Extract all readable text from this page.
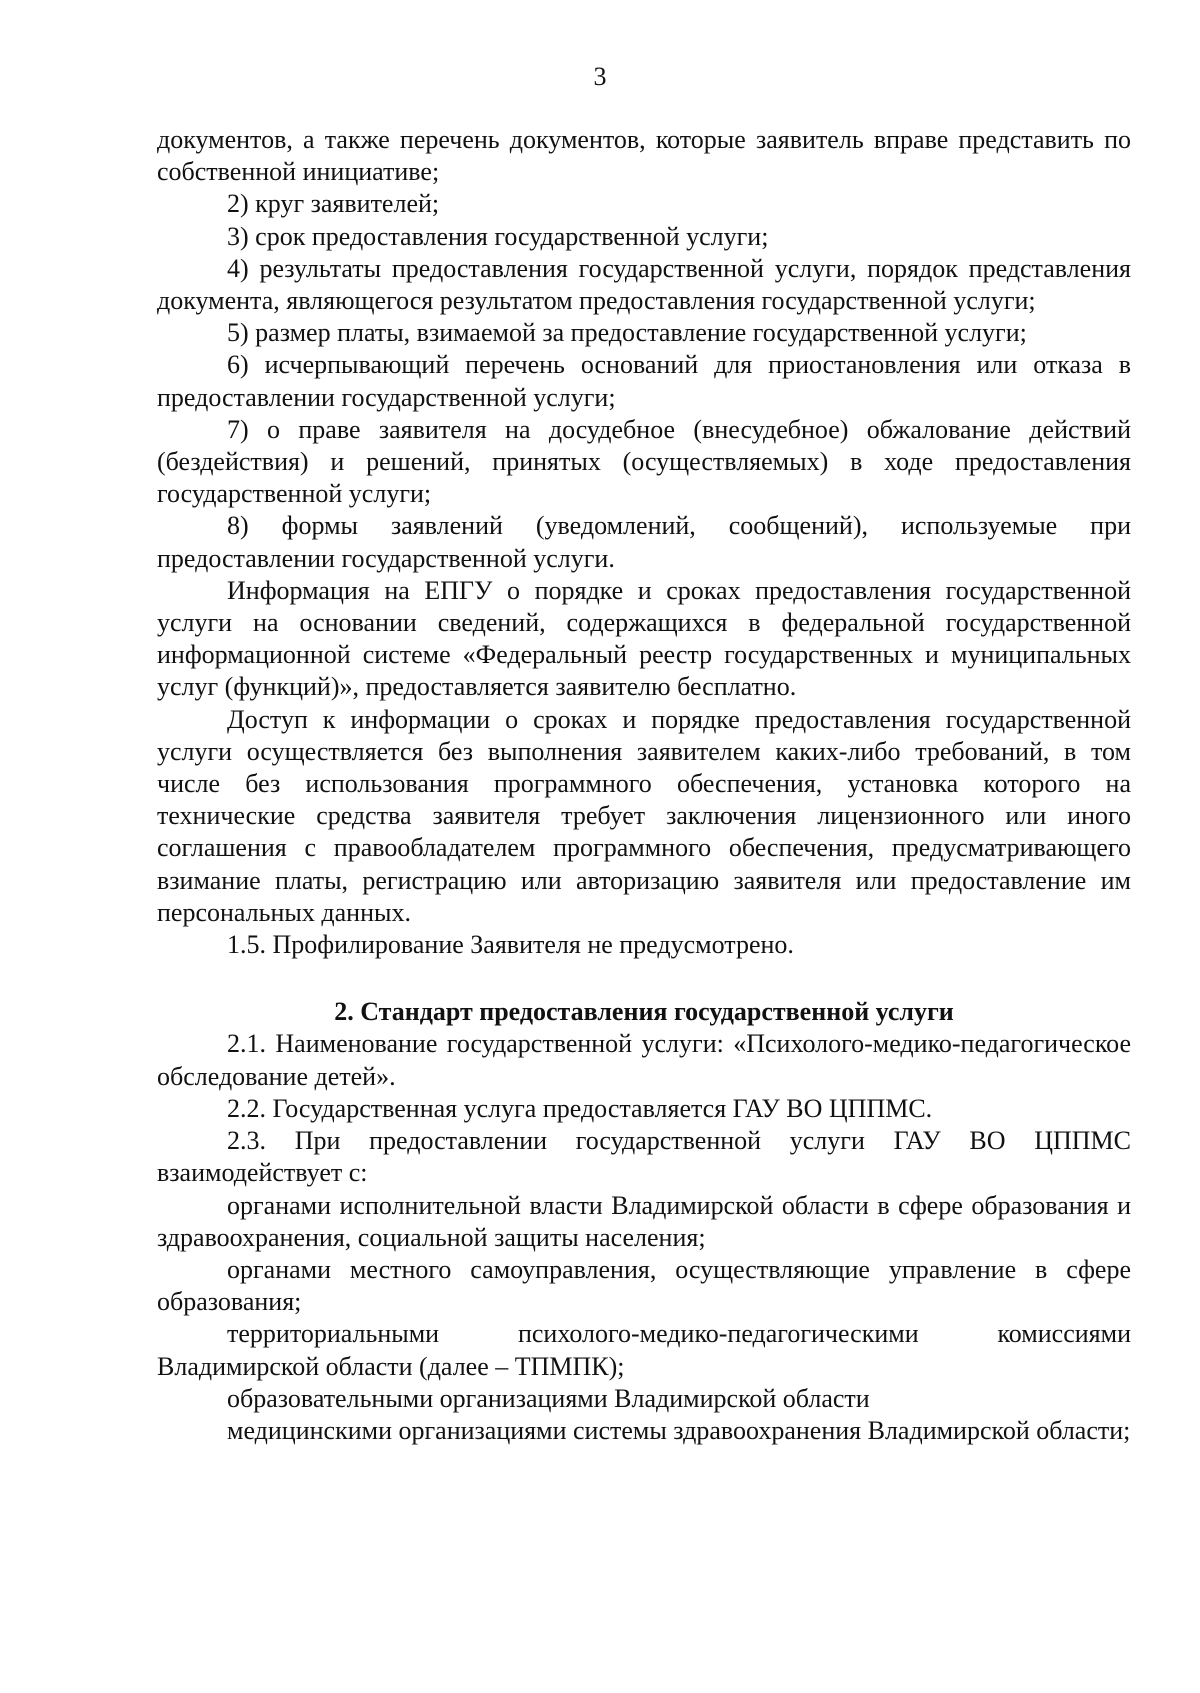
3

документов, а также перечень документов, которые заявитель вправе представить по собственной инициативе;

2) круг заявителей;

3) срок предоставления государственной услуги;

4) результаты предоставления государственной услуги, порядок представления документа, являющегося результатом предоставления государственной услуги;

5) размер платы, взимаемой за предоставление государственной услуги;

6) исчерпывающий перечень оснований для приостановления или отказа в предоставлении государственной услуги;

7) о праве заявителя на досудебное (внесудебное) обжалование действий (бездействия) и решений, принятых (осуществляемых) в ходе предоставления государственной услуги;

8) формы заявлений (уведомлений, сообщений), используемые при предоставлении государственной услуги.

Информация на ЕПГУ о порядке и сроках предоставления государственной услуги на основании сведений, содержащихся в федеральной государственной информационной системе «Федеральный реестр государственных и муниципальных услуг (функций)», предоставляется заявителю бесплатно.

Доступ к информации о сроках и порядке предоставления государственной услуги осуществляется без выполнения заявителем каких-либо требований, в том числе без использования программного обеспечения, установка которого на технические средства заявителя требует заключения лицензионного или иного соглашения с правообладателем программного обеспечения, предусматривающего взимание платы, регистрацию или авторизацию заявителя или предоставление им персональных данных.

1.5. Профилирование Заявителя не предусмотрено.

2. Стандарт предоставления государственной услуги

2.1. Наименование государственной услуги: «Психолого-медико-педагогическое обследование детей».

2.2. Государственная услуга предоставляется ГАУ ВО ЦППМС.

2.3. При предоставлении государственной услуги ГАУ ВО ЦППМС взаимодействует с:

органами исполнительной власти Владимирской области в сфере образования и здравоохранения, социальной защиты населения;

органами местного самоуправления, осуществляющие управление в сфере образования;

территориальными психолого-медико-педагогическими комиссиями Владимирской области (далее – ТПМПК);

образовательными организациями Владимирской области

медицинскими организациями системы здравоохранения Владимирской области;
